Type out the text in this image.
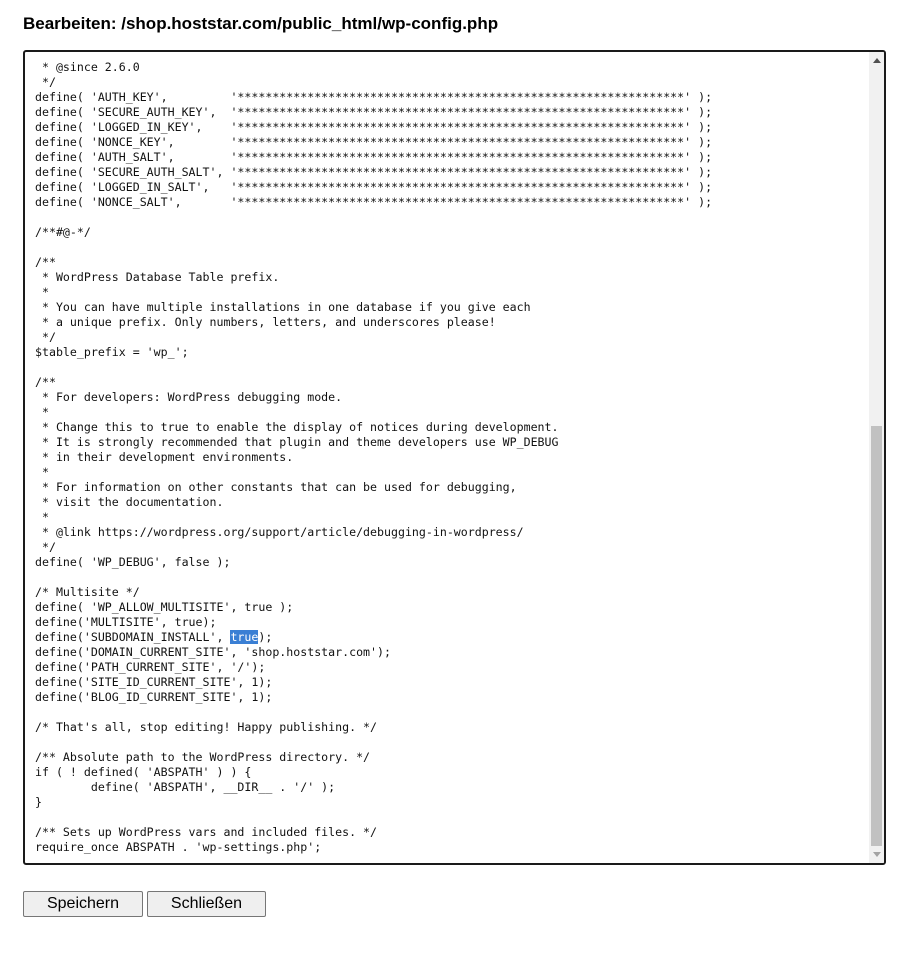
Bearbeiten: /shop.hoststar.com/public_html/wp-config.php
* @since 2.6.0
*/
define( 'AUTH_KEY',         '****************************************************************' );
define( 'SECURE_AUTH_KEY',  '****************************************************************' );
define( 'LOGGED_IN_KEY',    '****************************************************************' );
define( 'NONCE_KEY',        '****************************************************************' );
define( 'AUTH_SALT',        '****************************************************************' );
define( 'SECURE_AUTH_SALT', '****************************************************************' );
define( 'LOGGED_IN_SALT',   '****************************************************************' );
define( 'NONCE_SALT',       '****************************************************************' );
/**#@-*/
/**
* WordPress Database Table prefix.
*
* You can have multiple installations in one database if you give each
* a unique prefix. Only numbers, letters, and underscores please!
*/
$table_prefix = 'wp_';
/**
* For developers: WordPress debugging mode.
*
* Change this to true to enable the display of notices during development.
* It is strongly recommended that plugin and theme developers use WP_DEBUG
* in their development environments.
*
* For information on other constants that can be used for debugging,
* visit the documentation.
*
* @link https://wordpress.org/support/article/debugging-in-wordpress/
*/
define( 'WP_DEBUG', false );
/* Multisite */
define( 'WP_ALLOW_MULTISITE', true );
define('MULTISITE', true);
define('SUBDOMAIN_INSTALL', true);
define('DOMAIN_CURRENT_SITE', 'shop.hoststar.com');
define('PATH_CURRENT_SITE', '/');
define('SITE_ID_CURRENT_SITE', 1);
define('BLOG_ID_CURRENT_SITE', 1);
/* That's all, stop editing! Happy publishing. */
/** Absolute path to the WordPress directory. */
if ( ! defined( 'ABSPATH' ) ) {
define( 'ABSPATH', __DIR__ . '/' );
}
/** Sets up WordPress vars and included files. */
require_once ABSPATH . 'wp-settings.php';
Speichern	Schließen
